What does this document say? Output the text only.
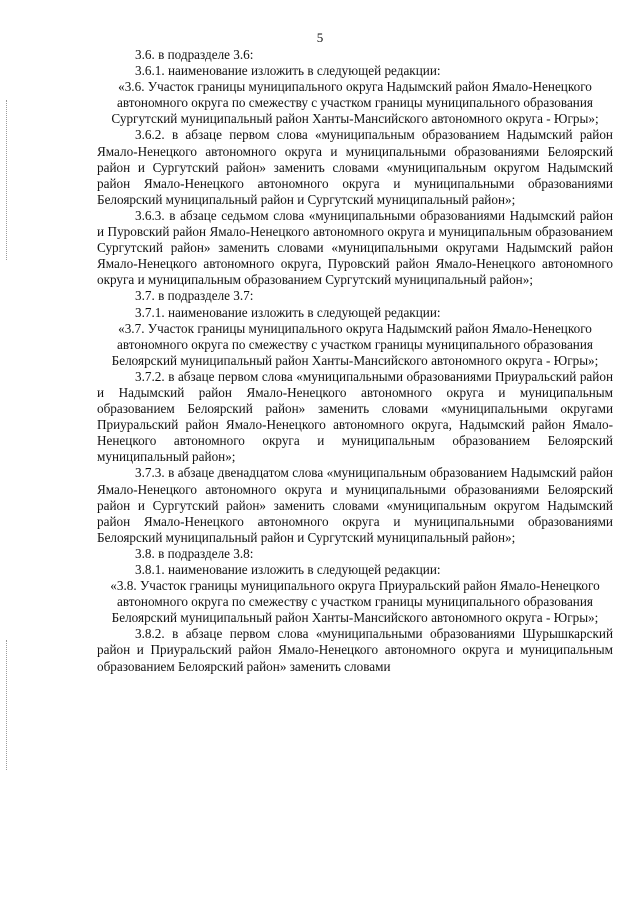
5

3.6. в подразделе 3.6:

3.6.1. наименование изложить в следующей редакции:

«3.6. Участок границы муниципального округа Надымский район Ямало-Ненецкого автономного округа по смежеству с участком границы муниципального образования Сургутский муниципальный район Ханты-Мансийского автономного округа - Югры»;

3.6.2. в абзаце первом слова «муниципальным образованием Надымский район Ямало-Ненецкого автономного округа и муниципальными образованиями Белоярский район и Сургутский район» заменить словами «муниципальным округом Надымский район Ямало-Ненецкого автономного округа и муниципальными образованиями Белоярский муниципальный район и Сургутский муниципальный район»;

3.6.3. в абзаце седьмом слова «муниципальными образованиями Надымский район и Пуровский район Ямало-Ненецкого автономного округа и муниципальным образованием Сургутский район» заменить словами «муниципальными округами Надымский район Ямало-Ненецкого автономного округа, Пуровский район Ямало-Ненецкого автономного округа и муниципальным образованием Сургутский муниципальный район»;

3.7. в подразделе 3.7:

3.7.1. наименование изложить в следующей редакции:

«3.7. Участок границы муниципального округа Надымский район Ямало-Ненецкого автономного округа по смежеству с участком границы муниципального образования Белоярский муниципальный район Ханты-Мансийского автономного округа - Югры»;

3.7.2. в абзаце первом слова «муниципальными образованиями Приуральский район и Надымский район Ямало-Ненецкого автономного округа и муниципальным образованием Белоярский район» заменить словами «муниципальными округами Приуральский район Ямало-Ненецкого автономного округа, Надымский район Ямало-Ненецкого автономного округа и муниципальным образованием Белоярский муниципальный район»;

3.7.3. в абзаце двенадцатом слова «муниципальным образованием Надымский район Ямало-Ненецкого автономного округа и муниципальными образованиями Белоярский район и Сургутский район» заменить словами «муниципальным округом Надымский район Ямало-Ненецкого автономного округа и муниципальными образованиями Белоярский муниципальный район и Сургутский муниципальный район»;

3.8. в подразделе 3.8:

3.8.1. наименование изложить в следующей редакции:

«3.8. Участок границы муниципального округа Приуральский район Ямало-Ненецкого автономного округа по смежеству с участком границы муниципального образования Белоярский муниципальный район Ханты-Мансийского автономного округа - Югры»;

3.8.2. в абзаце первом слова «муниципальными образованиями Шурышкарский район и Приуральский район Ямало-Ненецкого автономного округа и муниципальным образованием Белоярский район» заменить словами
